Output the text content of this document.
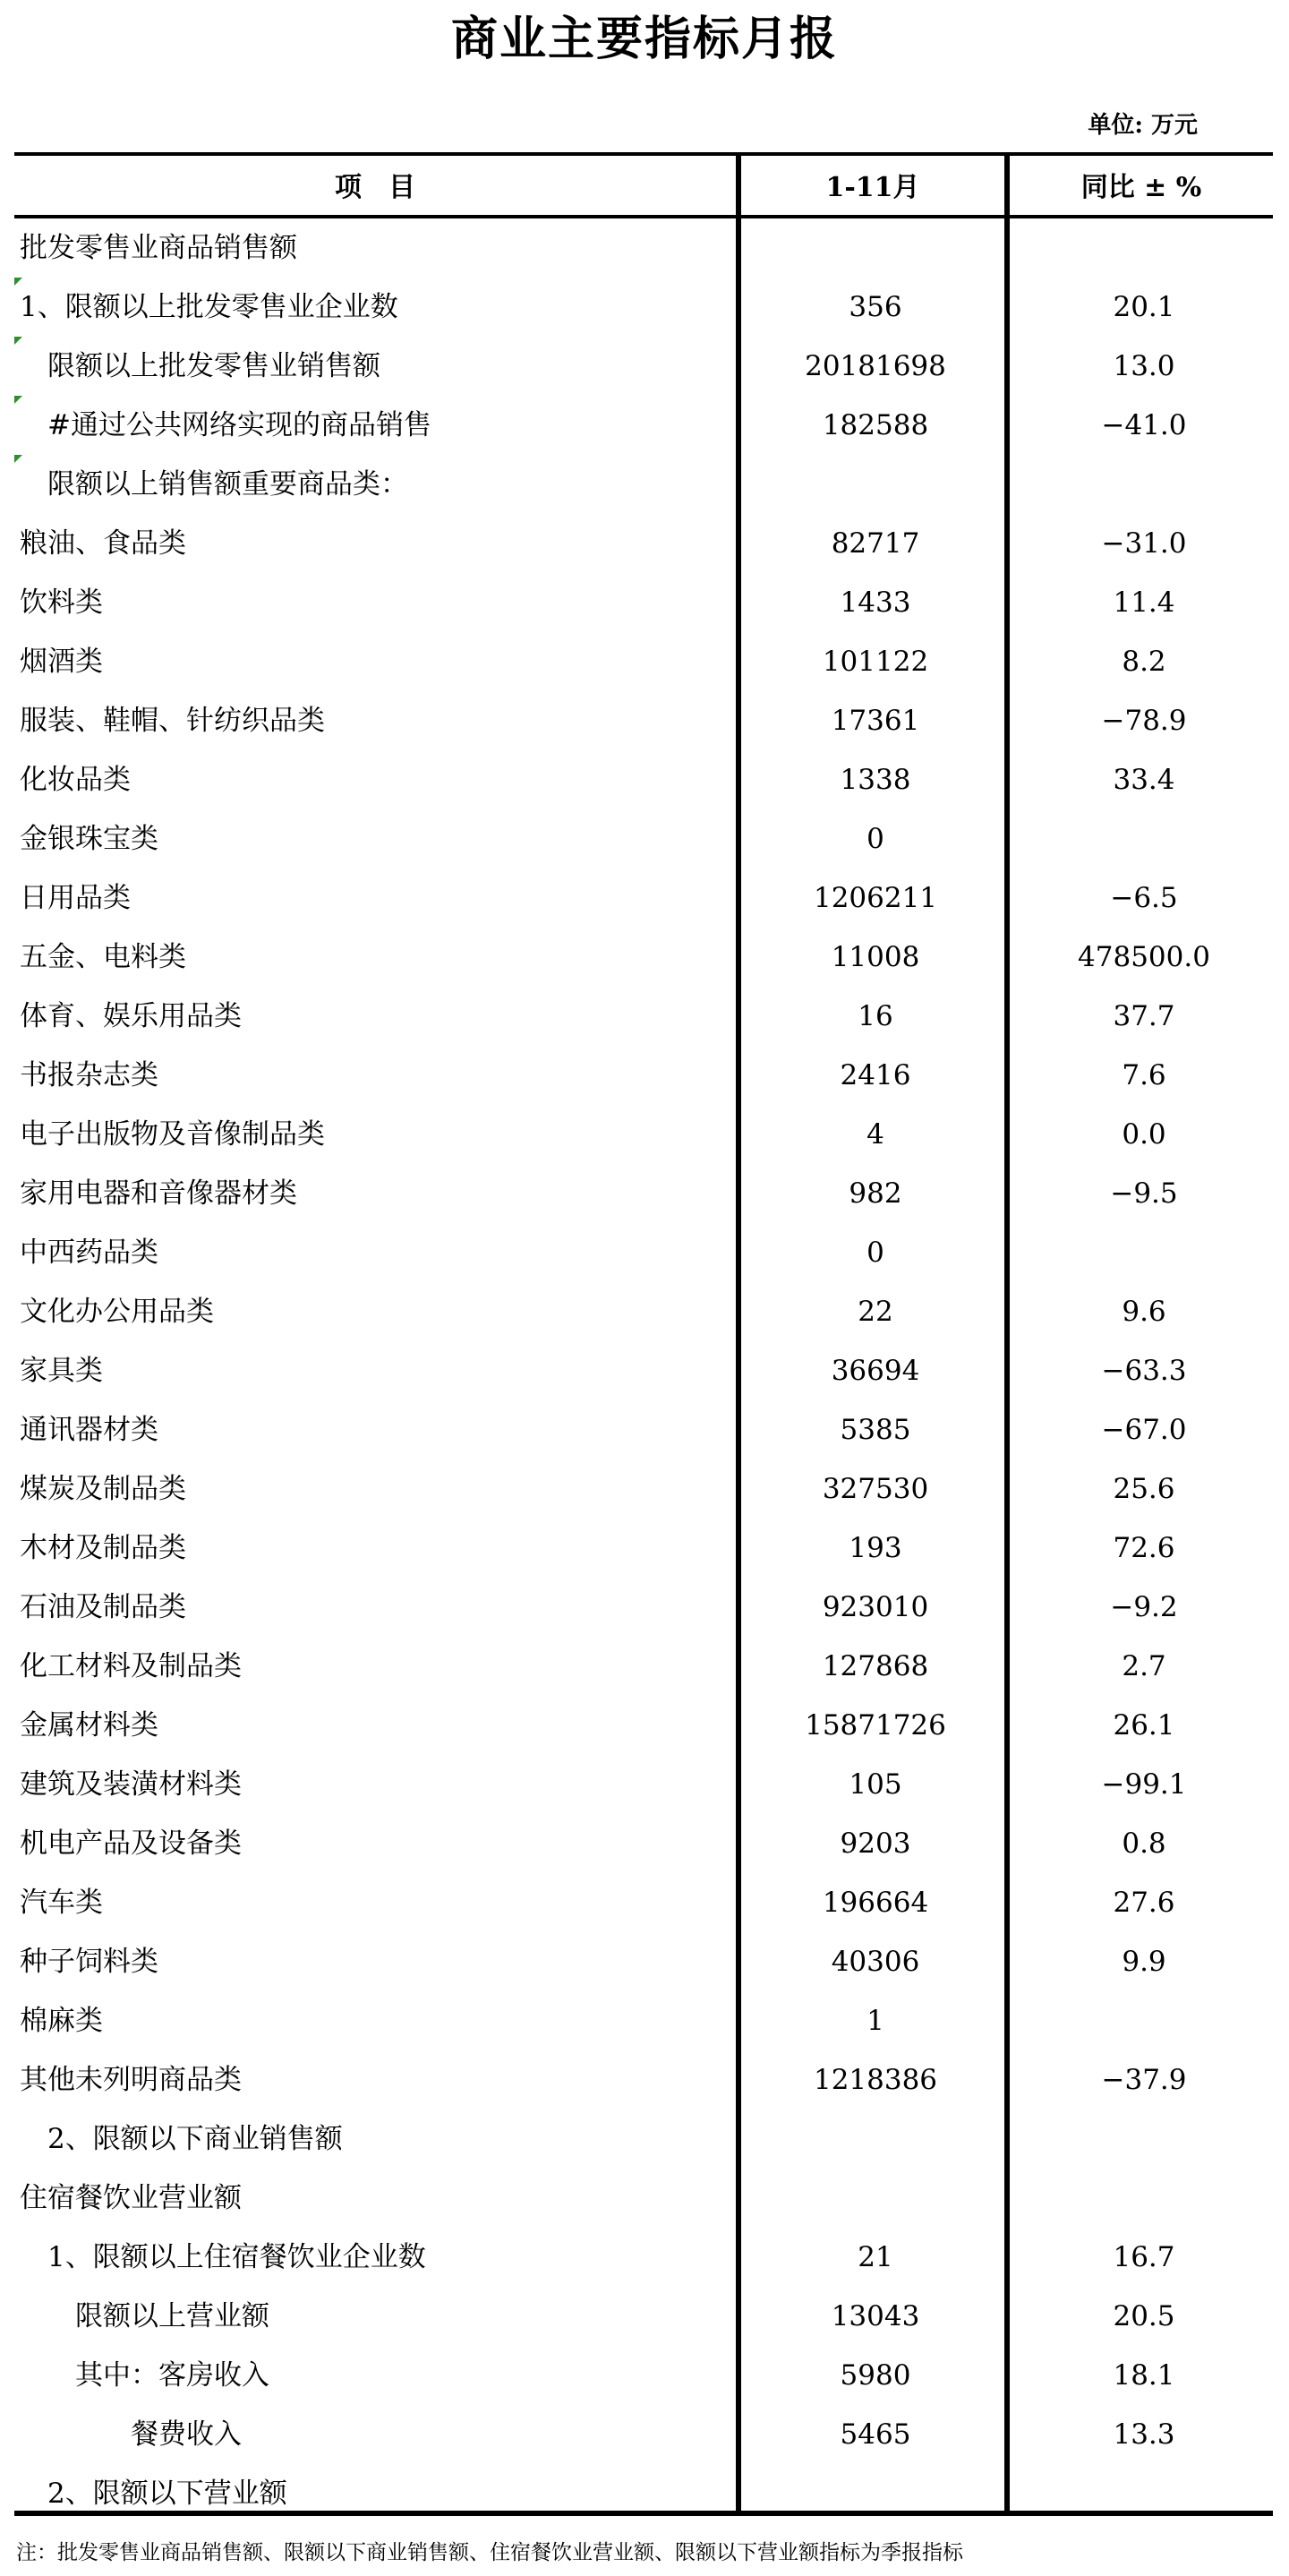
商业主要指标月报
单位: 万元
项　目	1-11月	同比 ± %
批发零售业商品销售额
1、限额以上批发零售业企业数	356	20.1
　限额以上批发零售业销售额	20181698	13.0
　#通过公共网络实现的商品销售	182588	−41.0
　限额以上销售额重要商品类：
粮油、食品类	82717	−31.0
饮料类	1433	11.4
烟酒类	101122	8.2
服装、鞋帽、针纺织品类	17361	−78.9
化妆品类	1338	33.4
金银珠宝类	0
日用品类	1206211	−6.5
五金、电料类	11008	478500.0
体育、娱乐用品类	16	37.7
书报杂志类	2416	7.6
电子出版物及音像制品类	4	0.0
家用电器和音像器材类	982	−9.5
中西药品类	0
文化办公用品类	22	9.6
家具类	36694	−63.3
通讯器材类	5385	−67.0
煤炭及制品类	327530	25.6
木材及制品类	193	72.6
石油及制品类	923010	−9.2
化工材料及制品类	127868	2.7
金属材料类	15871726	26.1
建筑及装潢材料类	105	−99.1
机电产品及设备类	9203	0.8
汽车类	196664	27.6
种子饲料类	40306	9.9
棉麻类	1
其他未列明商品类	1218386	−37.9
　2、限额以下商业销售额
住宿餐饮业营业额
　1、限额以上住宿餐饮业企业数	21	16.7
　　限额以上营业额	13043	20.5
　　其中：客房收入	5980	18.1
　　　　餐费收入	5465	13.3
　2、限额以下营业额
注：批发零售业商品销售额、限额以下商业销售额、住宿餐饮业营业额、限额以下营业额指标为季报指标
